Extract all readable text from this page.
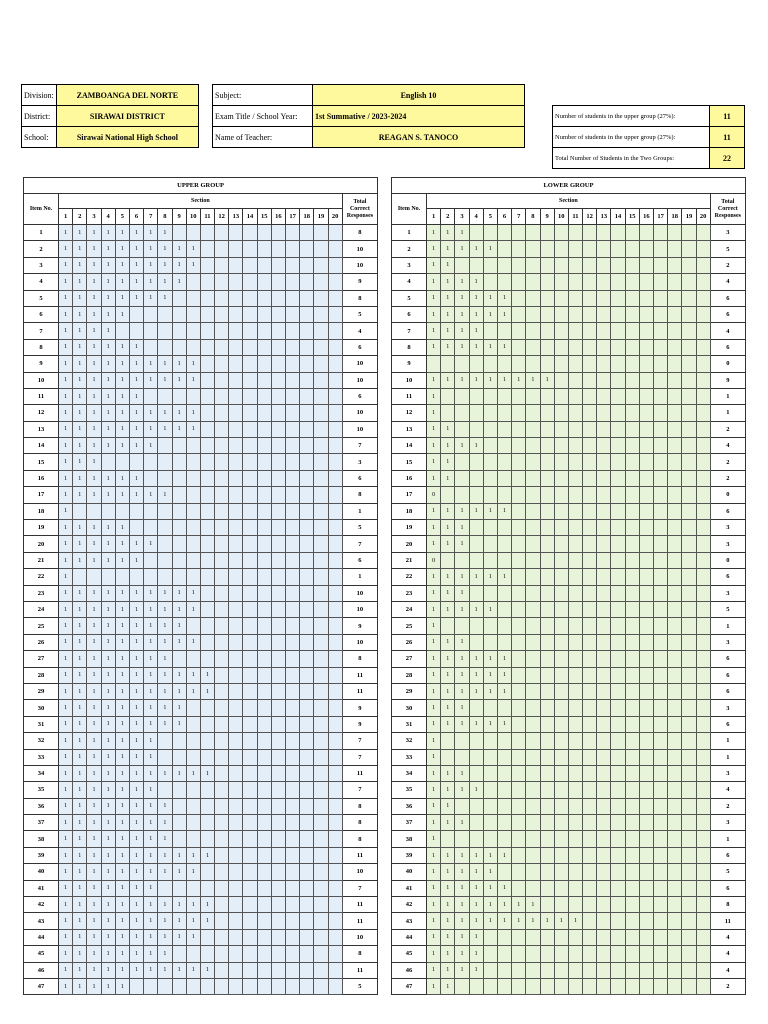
Division:	ZAMBOANGA DEL NORTE
District:	SIRAWAI DISTRICT
School:	Sirawai National High School
Subject:	English 10
Exam Title / School Year:	1st Summative / 2023-2024
Name of Teacher:	REAGAN S. TANOCO
Number of students in the upper group (27%):	11
Number of students in the upper group (27%):	11
Total Number of Students in the Two Groups:	22
UPPER GROUP																					
Item No.	Section																				Total Correct Responses
	1	2	3	4	5	6	7	8	9	10	11	12	13	14	15	16	17	18	19	20	
1	1	1	1	1	1	1	1	1													8
2	1	1	1	1	1	1	1	1	1	1											10
3	1	1	1	1	1	1	1	1	1	1											10
4	1	1	1	1	1	1	1	1	1												9
5	1	1	1	1	1	1	1	1													8
6	1	1	1	1	1																5
7	1	1	1	1																	4
8	1	1	1	1	1	1															6
9	1	1	1	1	1	1	1	1	1	1											10
10	1	1	1	1	1	1	1	1	1	1											10
11	1	1	1	1	1	1															6
12	1	1	1	1	1	1	1	1	1	1											10
13	1	1	1	1	1	1	1	1	1	1											10
14	1	1	1	1	1	1	1														7
15	1	1	1																		3
16	1	1	1	1	1	1															6
17	1	1	1	1	1	1	1	1													8
18	1																				1
19	1	1	1	1	1																5
20	1	1	1	1	1	1	1														7
21	1	1	1	1	1	1															6
22	1																				1
23	1	1	1	1	1	1	1	1	1	1											10
24	1	1	1	1	1	1	1	1	1	1											10
25	1	1	1	1	1	1	1	1	1												9
26	1	1	1	1	1	1	1	1	1	1											10
27	1	1	1	1	1	1	1	1													8
28	1	1	1	1	1	1	1	1	1	1	1										11
29	1	1	1	1	1	1	1	1	1	1	1										11
30	1	1	1	1	1	1	1	1	1												9
31	1	1	1	1	1	1	1	1	1												9
32	1	1	1	1	1	1	1														7
33	1	1	1	1	1	1	1														7
34	1	1	1	1	1	1	1	1	1	1	1										11
35	1	1	1	1	1	1	1														7
36	1	1	1	1	1	1	1	1													8
37	1	1	1	1	1	1	1	1													8
38	1	1	1	1	1	1	1	1													8
39	1	1	1	1	1	1	1	1	1	1	1										11
40	1	1	1	1	1	1	1	1	1	1											10
41	1	1	1	1	1	1	1														7
42	1	1	1	1	1	1	1	1	1	1	1										11
43	1	1	1	1	1	1	1	1	1	1	1										11
44	1	1	1	1	1	1	1	1	1	1											10
45	1	1	1	1	1	1	1	1													8
46	1	1	1	1	1	1	1	1	1	1	1										11
47	1	1	1	1	1																5
LOWER GROUP																					
Item No.	Section																				Total Correct Responses
	1	2	3	4	5	6	7	8	9	10	11	12	13	14	15	16	17	18	19	20	
1	1	1	1																		3
2	1	1	1	1	1																5
3	1	1																			2
4	1	1	1	1																	4
5	1	1	1	1	1	1															6
6	1	1	1	1	1	1															6
7	1	1	1	1																	4
8	1	1	1	1	1	1															6
9																					0
10	1	1	1	1	1	1	1	1	1												9
11	1																				1
12	1																				1
13	1	1																			2
14	1	1	1	1																	4
15	1	1																			2
16	1	1																			2
17	0																				0
18	1	1	1	1	1	1															6
19	1	1	1																		3
20	1	1	1																		3
21	0																				0
22	1	1	1	1	1	1															6
23	1	1	1																		3
24	1	1	1	1	1																5
25	1																				1
26	1	1	1																		3
27	1	1	1	1	1	1															6
28	1	1	1	1	1	1															6
29	1	1	1	1	1	1															6
30	1	1	1																		3
31	1	1	1	1	1	1															6
32	1																				1
33	1																				1
34	1	1	1																		3
35	1	1	1	1																	4
36	1	1																			2
37	1	1	1																		3
38	1																				1
39	1	1	1	1	1	1															6
40	1	1	1	1	1																5
41	1	1	1	1	1	1															6
42	1	1	1	1	1	1	1	1													8
43	1	1	1	1	1	1	1	1	1	1	1										11
44	1	1	1	1																	4
45	1	1	1	1																	4
46	1	1	1	1																	4
47	1	1																			2
